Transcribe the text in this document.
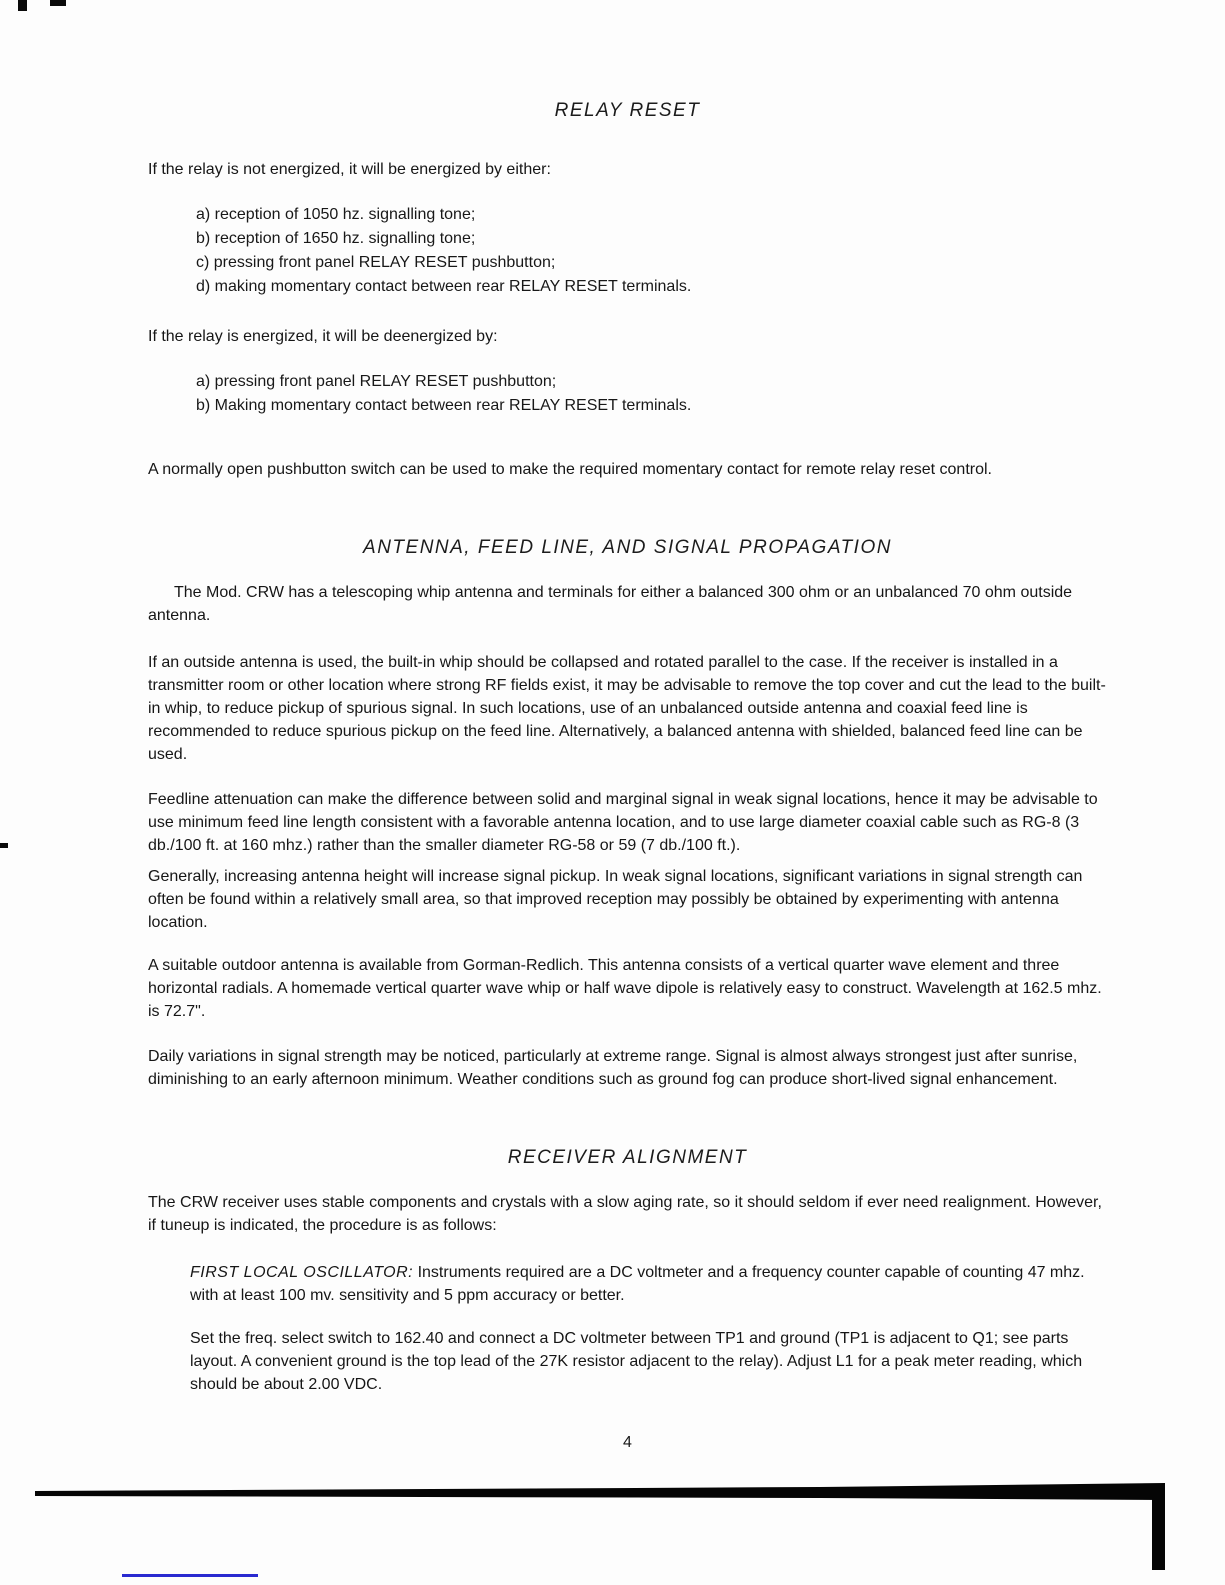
RELAY RESET

If the relay is not energized, it will be energized by either:

a) reception of 1050 hz. signalling tone;

b) reception of 1650 hz. signalling tone;

c) pressing front panel RELAY RESET pushbutton;

d) making momentary contact between rear RELAY RESET terminals.

If the relay is energized, it will be deenergized by:

a) pressing front panel RELAY RESET pushbutton;

b) Making momentary contact between rear RELAY RESET terminals.

A normally open pushbutton switch can be used to make the required momentary contact for remote relay reset control.

ANTENNA, FEED LINE, AND SIGNAL PROPAGATION

The Mod. CRW has a telescoping whip antenna and terminals for either a balanced 300 ohm or an unbalanced 70 ohm outside antenna.

If an outside antenna is used, the built-in whip should be collapsed and rotated parallel to the case. If the receiver is installed in a transmitter room or other location where strong RF fields exist, it may be advisable to remove the top cover and cut the lead to the built-in whip, to reduce pickup of spurious signal. In such locations, use of an unbalanced outside antenna and coaxial feed line is recommended to reduce spurious pickup on the feed line. Alternatively, a balanced antenna with shielded, balanced feed line can be used.

Feedline attenuation can make the difference between solid and marginal signal in weak signal locations, hence it may be advisable to use minimum feed line length consistent with a favorable antenna location, and to use large diameter coaxial cable such as RG-8 (3 db./100 ft. at 160 mhz.) rather than the smaller diameter RG-58 or 59 (7 db./100 ft.).

Generally, increasing antenna height will increase signal pickup. In weak signal locations, significant variations in signal strength can often be found within a relatively small area, so that improved reception may possibly be obtained by experimenting with antenna location.

A suitable outdoor antenna is available from Gorman-Redlich. This antenna consists of a vertical quarter wave element and three horizontal radials. A homemade vertical quarter wave whip or half wave dipole is relatively easy to construct. Wavelength at 162.5 mhz. is 72.7".

Daily variations in signal strength may be noticed, particularly at extreme range. Signal is almost always strongest just after sunrise, diminishing to an early afternoon minimum. Weather conditions such as ground fog can produce short-lived signal enhancement.

RECEIVER ALIGNMENT

The CRW receiver uses stable components and crystals with a slow aging rate, so it should seldom if ever need realignment. However, if tuneup is indicated, the procedure is as follows:

FIRST LOCAL OSCILLATOR: Instruments required are a DC voltmeter and a frequency counter capable of counting 47 mhz. with at least 100 mv. sensitivity and 5 ppm accuracy or better.

Set the freq. select switch to 162.40 and connect a DC voltmeter between TP1 and ground (TP1 is adjacent to Q1; see parts layout. A convenient ground is the top lead of the 27K resistor adjacent to the relay). Adjust L1 for a peak meter reading, which should be about 2.00 VDC.

4
